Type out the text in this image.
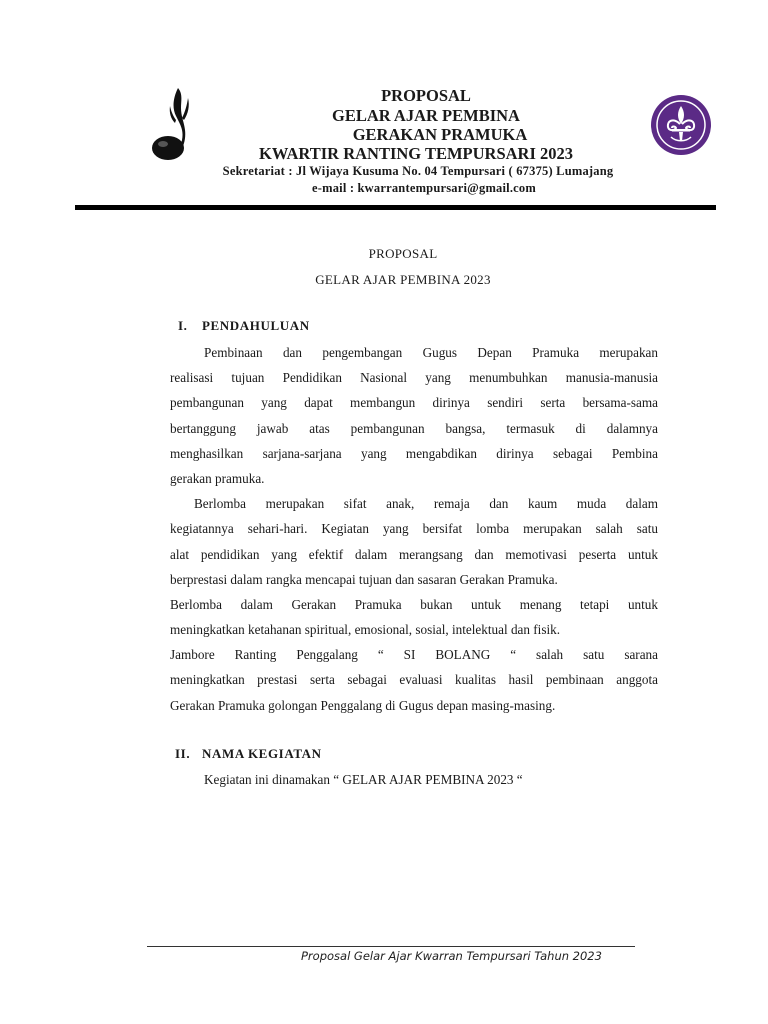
PROPOSAL
GELAR AJAR PEMBINA
GERAKAN PRAMUKA
KWARTIR RANTING TEMPURSARI 2023
Sekretariat : Jl Wijaya Kusuma No. 04 Tempursari ( 67375) Lumajang
e-mail : kwarrantempursari@gmail.com
PROPOSAL
GELAR AJAR PEMBINA 2023
I. PENDAHULUAN
Pembinaan dan pengembangan Gugus Depan Pramuka merupakan
realisasi tujuan Pendidikan Nasional yang menumbuhkan manusia-manusia
pembangunan yang dapat membangun dirinya sendiri serta bersama-sama
bertanggung jawab atas pembangunan bangsa, termasuk di dalamnya
menghasilkan sarjana-sarjana yang mengabdikan dirinya sebagai Pembina
gerakan pramuka.
Berlomba merupakan sifat anak, remaja dan kaum muda dalam
kegiatannya sehari-hari. Kegiatan yang bersifat lomba merupakan salah satu
alat pendidikan yang efektif dalam merangsang dan memotivasi peserta untuk
berprestasi dalam rangka mencapai tujuan dan sasaran Gerakan Pramuka.
Berlomba dalam Gerakan Pramuka bukan untuk menang tetapi untuk
meningkatkan ketahanan spiritual, emosional, sosial, intelektual dan fisik.
Jambore Ranting Penggalang “ SI BOLANG “ salah satu sarana
meningkatkan prestasi serta sebagai evaluasi kualitas hasil pembinaan anggota
Gerakan Pramuka golongan Penggalang di Gugus depan masing-masing.
II. NAMA KEGIATAN
Kegiatan ini dinamakan “ GELAR AJAR PEMBINA 2023 “
Proposal Gelar Ajar Kwarran Tempursari Tahun 2023
